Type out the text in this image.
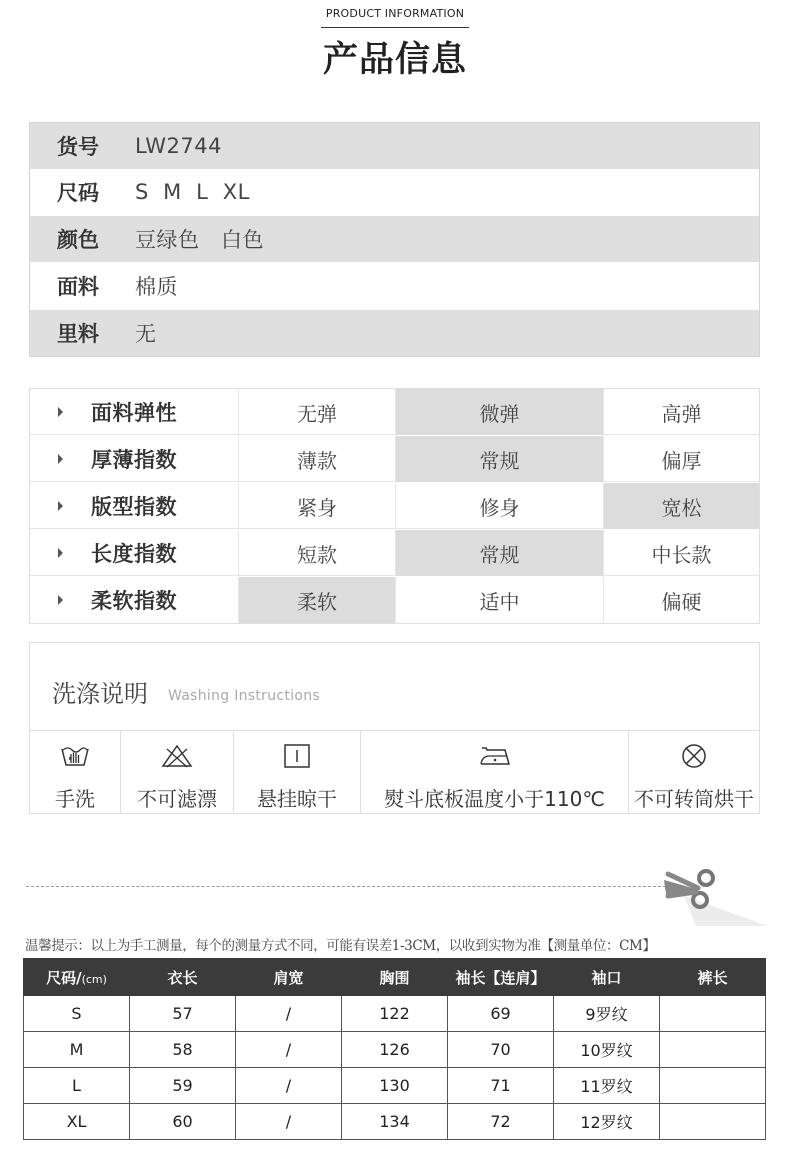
PRODUCT INFORMATION
产品信息
货号	LW2744
尺码	S  M  L  XL
颜色	豆绿色   白色
面料	棉质
里料	无
面料弹性	无弹	微弹	高弹
厚薄指数	薄款	常规	偏厚
版型指数	紧身	修身	宽松
长度指数	短款	常规	中长款
柔软指数	柔软	适中	偏硬
洗涤说明 Washing Instructions
手洗	不可滤漂	悬挂晾干	熨斗底板温度小于110℃	不可转筒烘干
温馨提示：以上为手工测量，每个的测量方式不同，可能有误差1-3CM，以收到实物为准【测量单位：CM】
尺码/(cm)	衣长	肩宽	胸围	袖长【连肩】	袖口	裤长
S	57	/	122	69	9罗纹	
M	58	/	126	70	10罗纹	
L	59	/	130	71	11罗纹	
XL	60	/	134	72	12罗纹	
